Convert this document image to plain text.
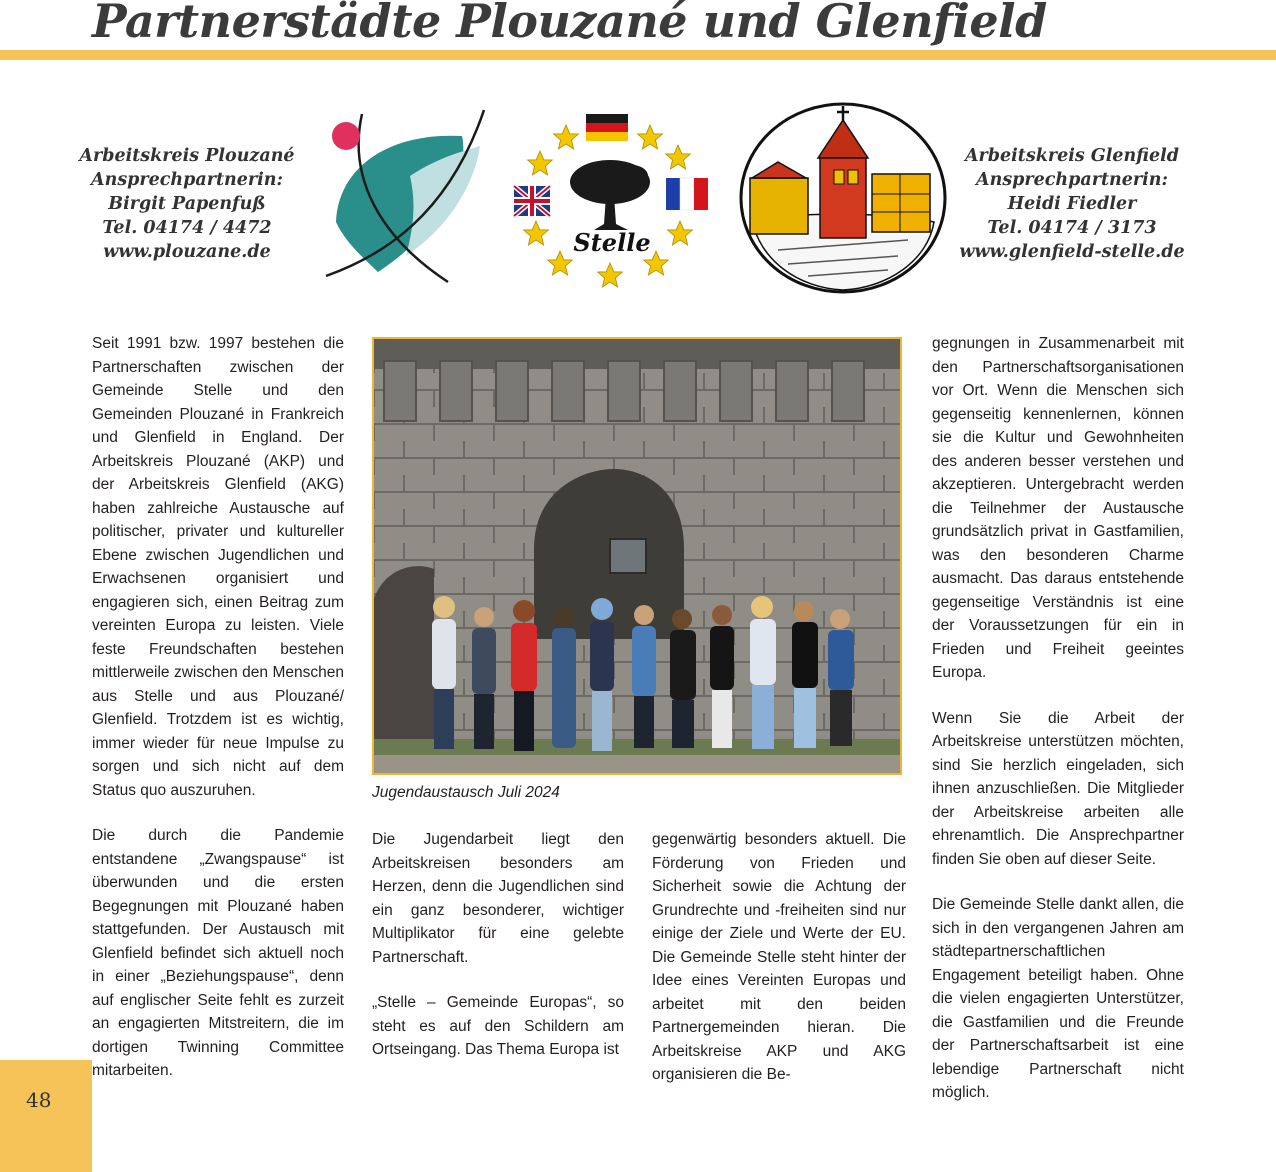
Partnerstädte Plouzané und Glenfield
Arbeitskreis Plouzané
Ansprechpartnerin:
Birgit Papenfuß
Tel. 04174 / 4472
www.plouzane.de	Stelle
Arbeitskreis Glenfield
Ansprechpartnerin:
Heidi Fiedler
Tel. 04174 / 3173
www.glenfield-stelle.de

Seit 1991 bzw. 1997 bestehen die Partnerschaften zwischen der Gemeinde Stelle und den Gemeinden Plouzané in Frankreich und Glenfield in England. Der Arbeitskreis Plouzané (AKP) und der Arbeitskreis Glenfield (AKG) haben zahlreiche Austausche auf politischer, privater und kultureller Ebene zwischen Jugendlichen und Erwachsenen organisiert und engagieren sich, einen Beitrag zum vereinten Europa zu leisten. Viele feste Freundschaften bestehen mittlerweile zwischen den Menschen aus Stelle und aus Plouzané/ Glenfield. Trotzdem ist es wichtig, immer wieder für neue Impulse zu sorgen und sich nicht auf dem Status quo auszuruhen.

Die durch die Pandemie entstandene „Zwangspause“ ist überwunden und die ersten Begegnungen mit Plouzané haben stattgefunden. Der Austausch mit Glenfield befindet sich aktuell noch in einer „Beziehungspause“, denn auf englischer Seite fehlt es zurzeit an engagierten Mitstreitern, die im dortigen Twinning Committee mitarbeiten.

Jugendaustausch Juli 2024

Die Jugendarbeit liegt den Arbeitskreisen besonders am Herzen, denn die Jugendlichen sind ein ganz besonderer, wichtiger Multiplikator für eine gelebte Partnerschaft.

„Stelle – Gemeinde Europas“, so steht es auf den Schildern am Ortseingang. Das Thema Europa ist

gegenwärtig besonders aktuell. Die Förderung von Frieden und Sicherheit sowie die Achtung der Grundrechte und -freiheiten sind nur einige der Ziele und Werte der EU. Die Gemeinde Stelle steht hinter der Idee eines Vereinten Europas und arbeitet mit den beiden Partnergemeinden hieran. Die Arbeitskreise AKP und AKG organisieren die Be-

gegnungen in Zusammenarbeit mit den Partnerschaftsorganisationen vor Ort. Wenn die Menschen sich gegenseitig kennenlernen, können sie die Kultur und Gewohnheiten des anderen besser verstehen und akzeptieren. Untergebracht werden die Teilnehmer der Austausche grundsätzlich privat in Gastfamilien, was den besonderen Charme ausmacht. Das daraus entstehende gegenseitige Verständnis ist eine der Voraussetzungen für ein in Frieden und Freiheit geeintes Europa.

Wenn Sie die Arbeit der Arbeitskreise unterstützen möchten, sind Sie herzlich eingeladen, sich ihnen anzuschließen. Die Mitglieder der Arbeitskreise arbeiten alle ehrenamtlich. Die Ansprechpartner finden Sie oben auf dieser Seite.

Die Gemeinde Stelle dankt allen, die sich in den vergangenen Jahren am städtepartnerschaftlichen Engagement beteiligt haben. Ohne die vielen engagierten Unterstützer, die Gastfamilien und die Freunde der Partnerschaftsarbeit ist eine lebendige Partnerschaft nicht möglich.

48
